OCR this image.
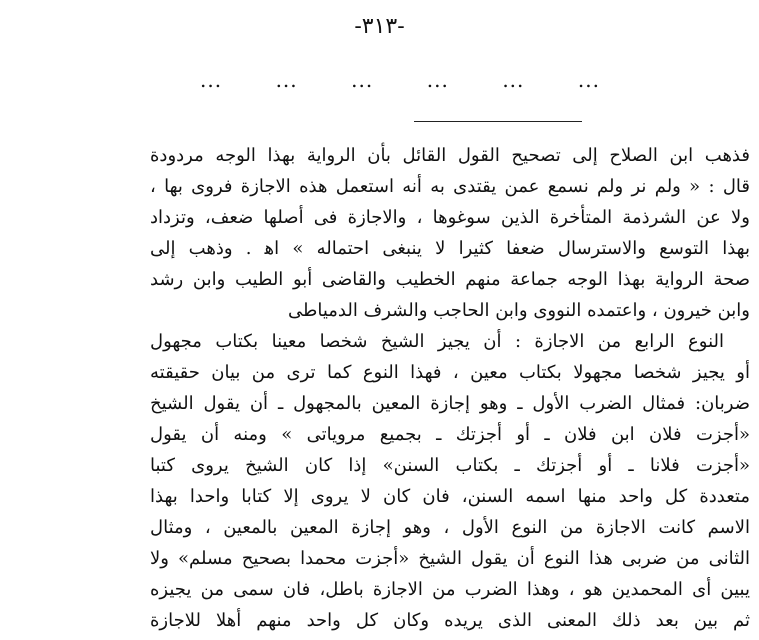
-٣١٣-
...	...	...	...	...	...
فذهب ابن الصلاح إلى تصحيح القول القائل بأن الرواية بهذا الوجه مردودة
قال : « ولم نر ولم نسمع عمن يقتدى به أنه استعمل هذه الاجازة فروى بها ،
ولا عن الشرذمة المتأخرة الذين سوغوها ، والاجازة فى أصلها ضعف، وتزداد
بهذا التوسع والاسترسال ضعفا كثيرا لا ينبغى احتماله » اﻫ . وذهب إلى
صحة الرواية بهذا الوجه جماعة منهم الخطيب والقاضى أبو الطيب وابن رشد
وابن خيرون ، واعتمده النووى وابن الحاجب والشرف الدمياطى
النوع الرابع من الاجازة : أن يجيز الشيخ شخصا معينا بكتاب مجهول
أو يجيز شخصا مجهولا بكتاب معين ، فهذا النوع كما ترى من بيان حقيقته
ضربان: فمثال الضرب الأول ـ وهو إجازة المعين بالمجهول ـ أن يقول الشيخ
«أجزت فلان ابن فلان ـ أو أجزتك ـ بجميع مروياتى » ومنه أن يقول
«أجزت فلانا ـ أو أجزتك ـ بكتاب السنن» إذا كان الشيخ يروى كتبا
متعددة كل واحد منها اسمه السنن، فان كان لا يروى إلا كتابا واحدا بهذا
الاسم كانت الاجازة من النوع الأول ، وهو إجازة المعين بالمعين ، ومثال
الثانى من ضربى هذا النوع أن يقول الشيخ «أجزت محمدا بصحيح مسلم» ولا
يبين أى المحمدين هو ، وهذا الضرب من الاجازة باطل، فان سمى من يجيزه
ثم بين بعد ذلك المعنى الذى يريده وكان كل واحد منهم أهلا للاجازة
